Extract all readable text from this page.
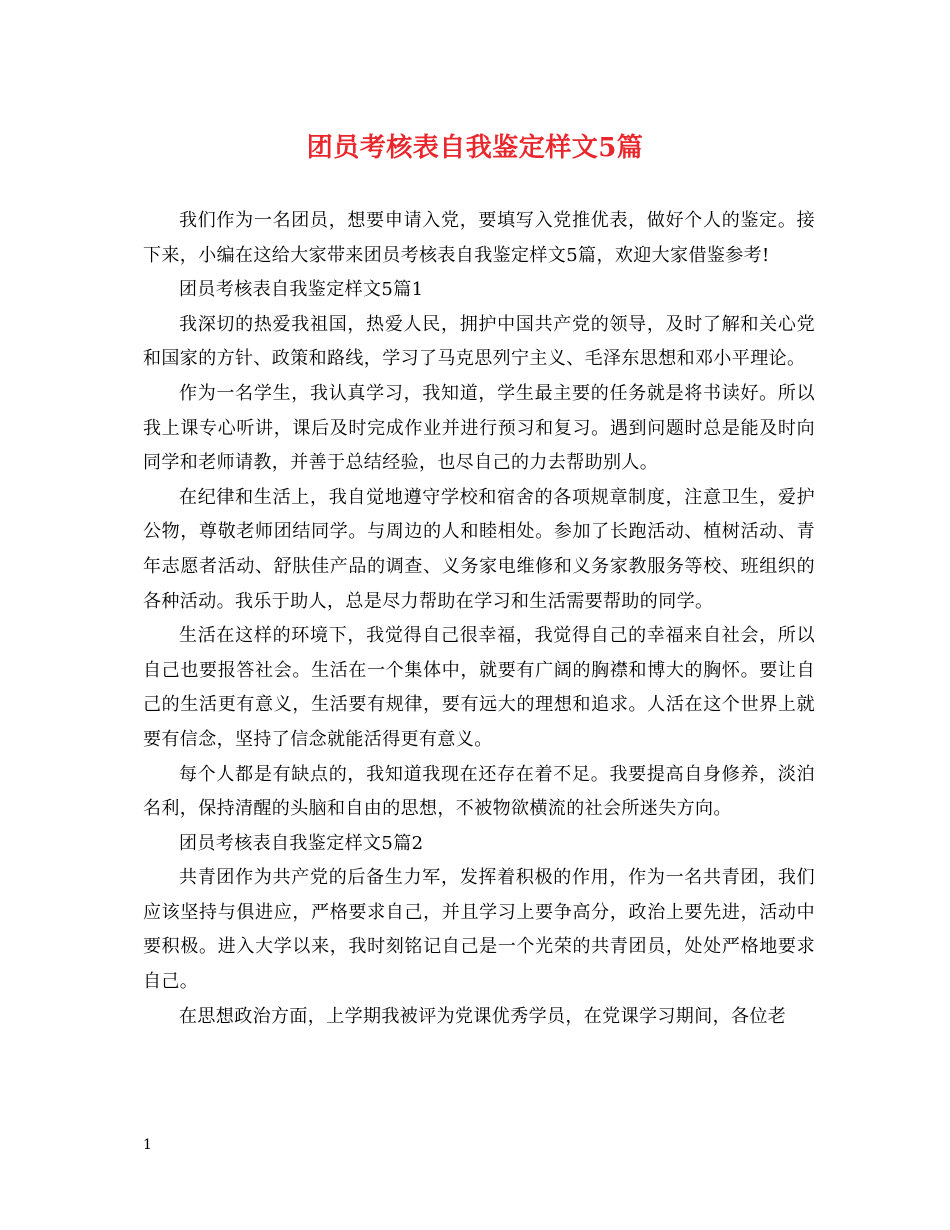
团员考核表自我鉴定样文5篇

我们作为一名团员，想要申请入党，要填写入党推优表，做好个人的鉴定。接下来，小编在这给大家带来团员考核表自我鉴定样文5篇，欢迎大家借鉴参考!

团员考核表自我鉴定样文5篇1

我深切的热爱我祖国，热爱人民，拥护中国共产党的领导，及时了解和关心党和国家的方针、政策和路线，学习了马克思列宁主义、毛泽东思想和邓小平理论。

作为一名学生，我认真学习，我知道，学生最主要的任务就是将书读好。所以我上课专心听讲，课后及时完成作业并进行预习和复习。遇到问题时总是能及时向同学和老师请教，并善于总结经验，也尽自己的力去帮助别人。

在纪律和生活上，我自觉地遵守学校和宿舍的各项规章制度，注意卫生，爱护公物，尊敬老师团结同学。与周边的人和睦相处。参加了长跑活动、植树活动、青年志愿者活动、舒肤佳产品的调查、义务家电维修和义务家教服务等校、班组织的各种活动。我乐于助人，总是尽力帮助在学习和生活需要帮助的同学。

生活在这样的环境下，我觉得自己很幸福，我觉得自己的幸福来自社会，所以自己也要报答社会。生活在一个集体中，就要有广阔的胸襟和博大的胸怀。要让自己的生活更有意义，生活要有规律，要有远大的理想和追求。人活在这个世界上就要有信念，坚持了信念就能活得更有意义。

每个人都是有缺点的，我知道我现在还存在着不足。我要提高自身修养，淡泊名利，保持清醒的头脑和自由的思想，不被物欲横流的社会所迷失方向。

团员考核表自我鉴定样文5篇2

共青团作为共产党的后备生力军，发挥着积极的作用，作为一名共青团，我们应该坚持与俱进应，严格要求自己，并且学习上要争高分，政治上要先进，活动中要积极。进入大学以来，我时刻铭记自己是一个光荣的共青团员，处处严格地要求自己。

在思想政治方面，上学期我被评为党课优秀学员，在党课学习期间，各位老

1
